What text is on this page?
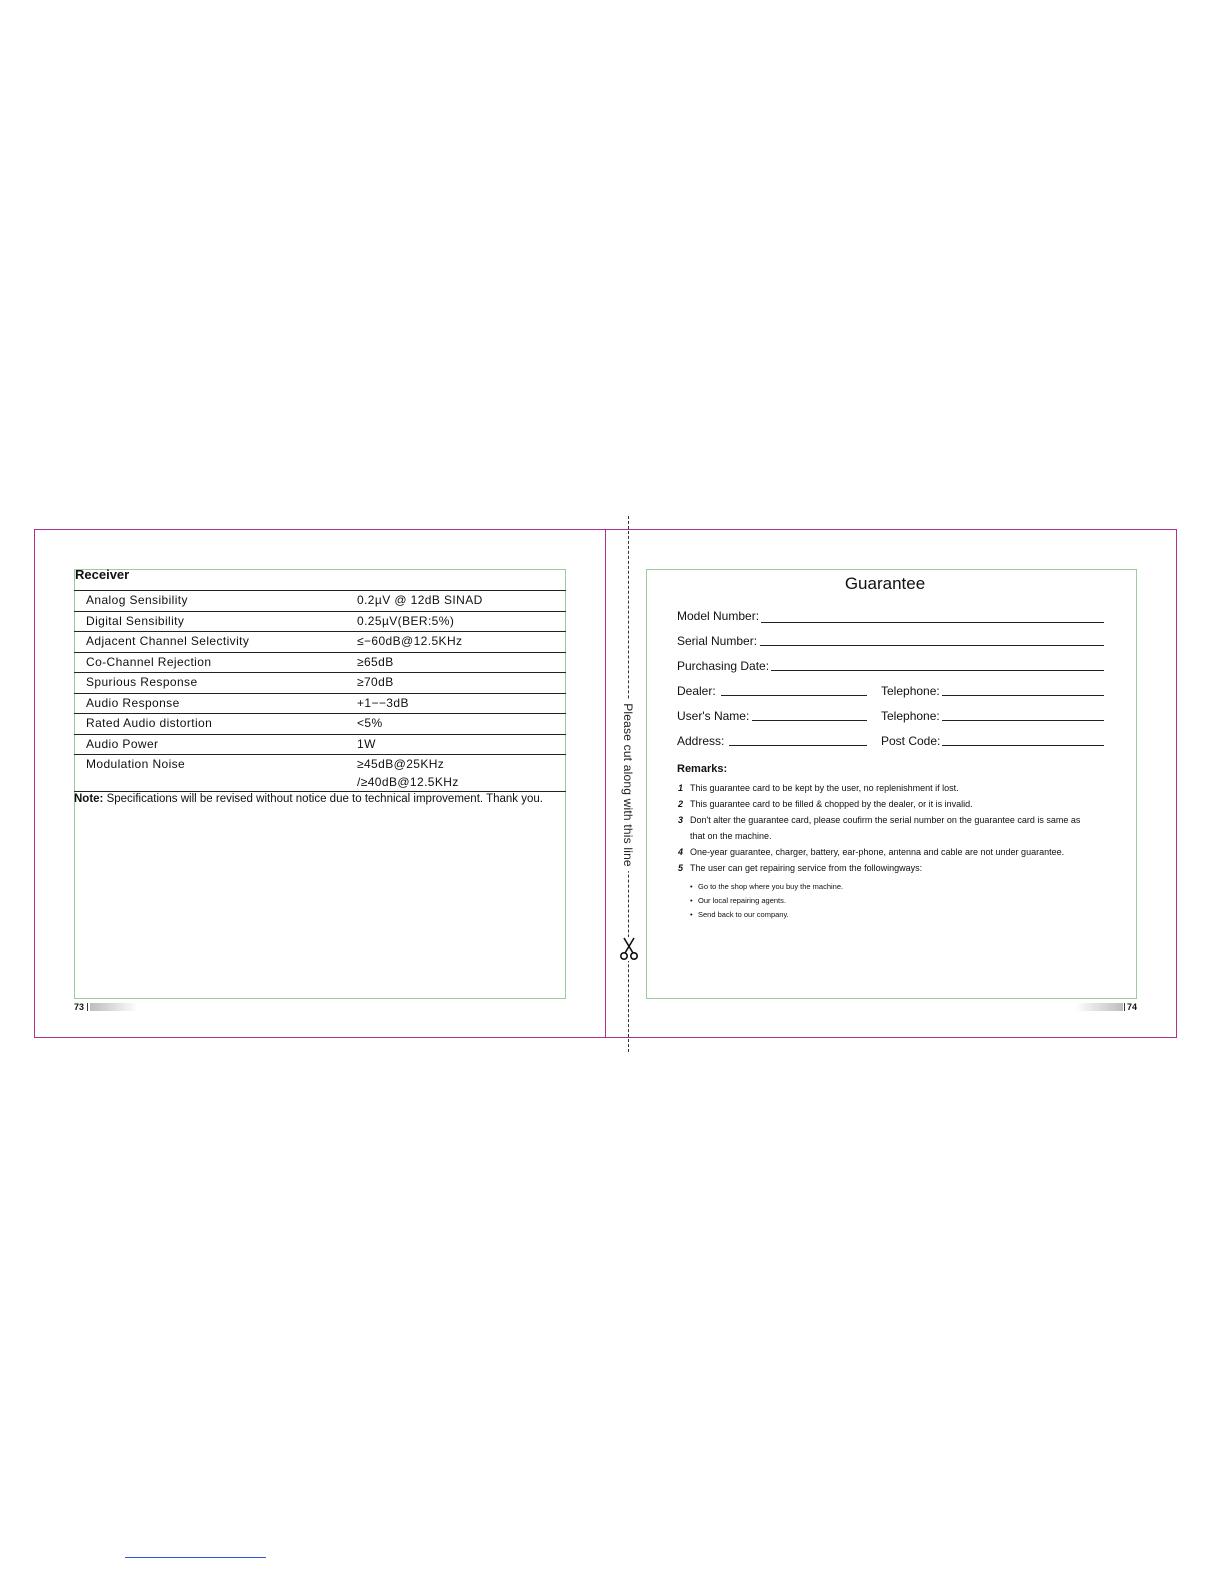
Please cut along with this line
Receiver
Analog Sensibility	0.2µV @ 12dB SINAD
Digital Sensibility	0.25µV(BER:5%)
Adjacent Channel Selectivity	≤−60dB@12.5KHz
Co-Channel Rejection	≥65dB
Spurious Response	≥70dB
Audio Response	+1−−3dB
Rated Audio distortion	<5%
Audio Power	1W
Modulation Noise	≥45dB@25KHz
/≥40dB@12.5KHz
Note: Specifications will be revised without notice due to technical improvement. Thank you.
73
Guarantee
Model Number:
Serial Number:
Purchasing Date:
Dealer:	Telephone:
User's Name:	Telephone:
Address:	Post Code:
Remarks:
1 This guarantee card to be kept by the user, no replenishment if lost.
2 This guarantee card to be filled & chopped by the dealer, or it is invalid.
3 Don't alter the guarantee card, please coufirm the serial number on the guarantee card is same as
that on the machine.
4 One-year guarantee, charger, battery, ear-phone, antenna and cable are not under guarantee.
5 The user can get repairing service from the followingways:
• Go to the shop where you buy the machine.
• Our local repairing agents.
• Send back to our company.
74
